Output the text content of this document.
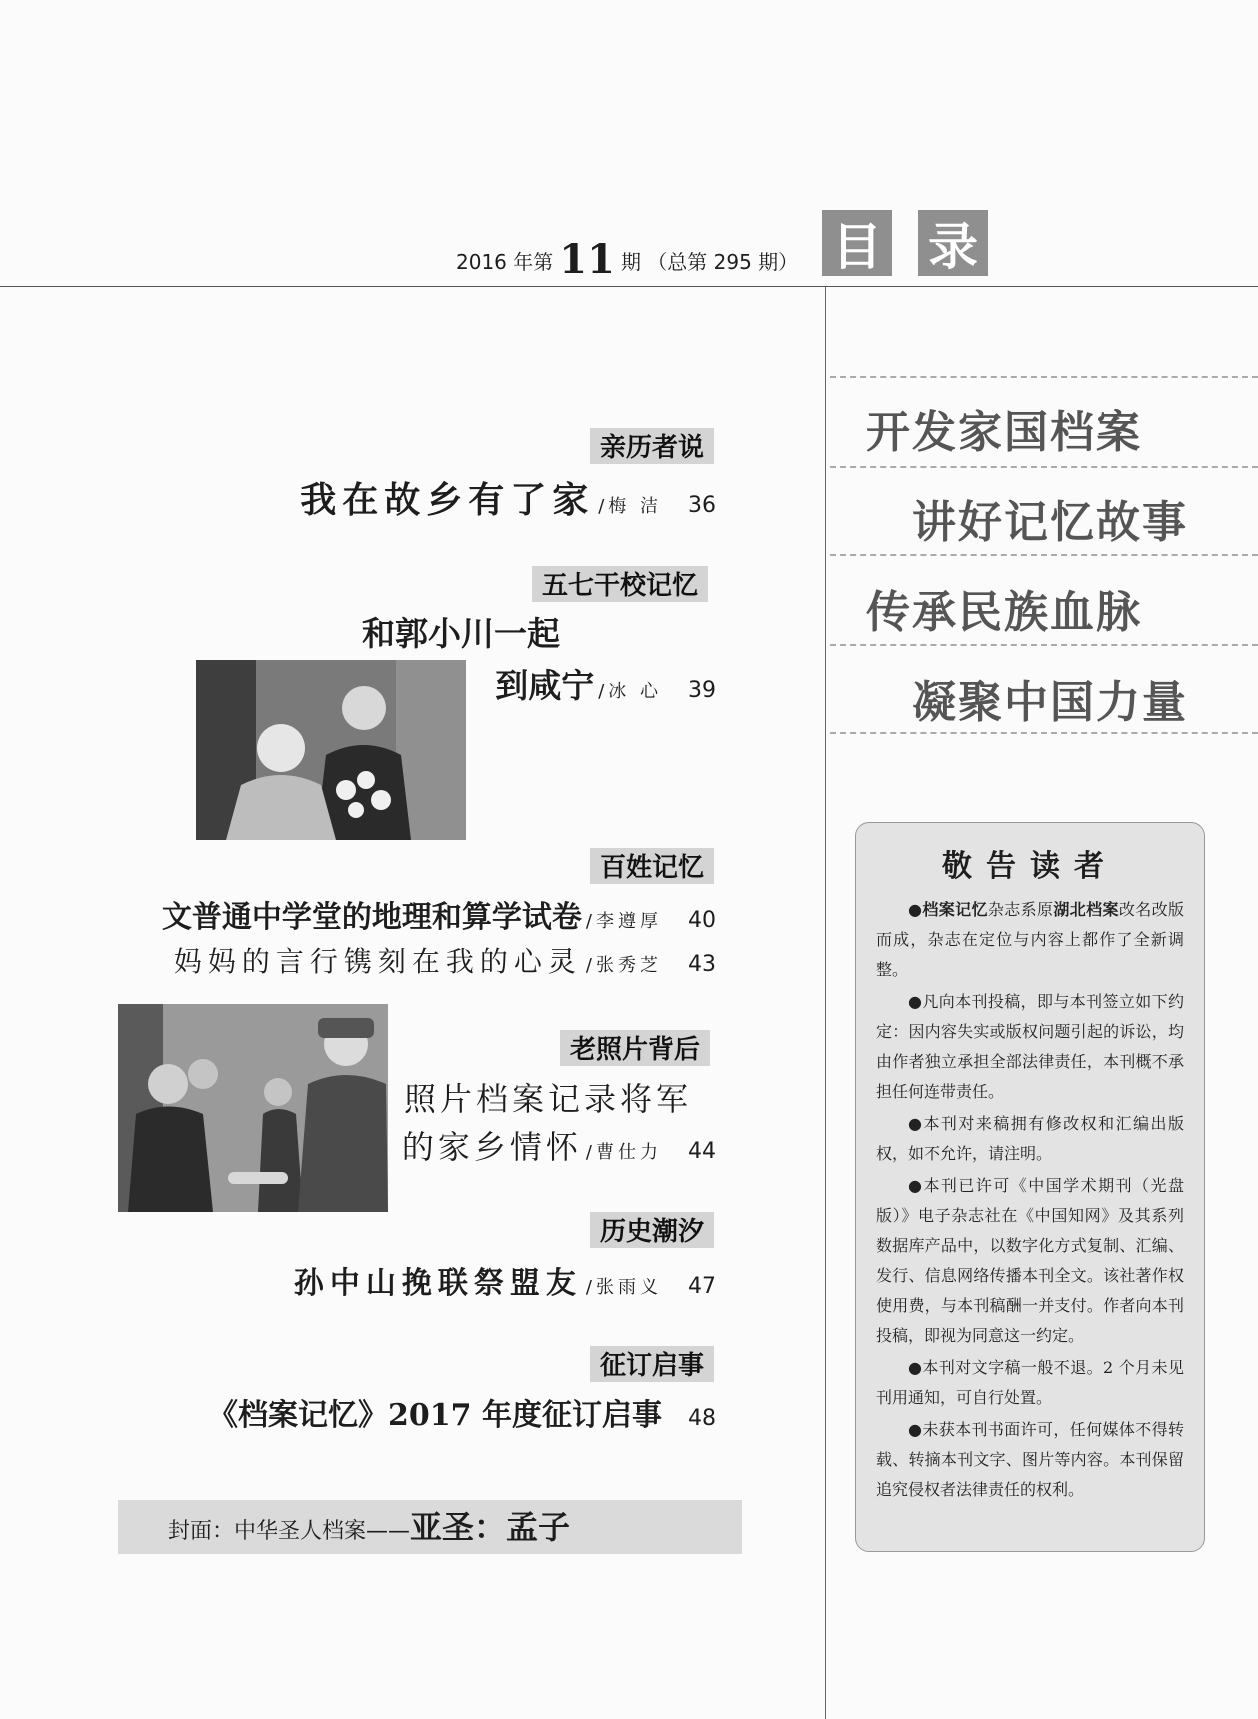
2016 年第 11 期 （总第 295 期） 目 录
亲历者说
我在故乡有了家 /梅 洁 36
五七干校记忆
和郭小川一起
到咸宁 /冰 心 39
百姓记忆
文普通中学堂的地理和算学试卷 /李遵厚 40
妈妈的言行镌刻在我的心灵 /张秀芝 43
老照片背后
照片档案记录将军
的家乡情怀 /曹仕力 44
历史潮汐
孙中山挽联祭盟友 /张雨义 47
征订启事
《档案记忆》2017 年度征订启事 48
封面：中华圣人档案——亚圣：孟子
开发家国档案
讲好记忆故事
传承民族血脉
凝聚中国力量
敬告读者

●档案记忆杂志系原湖北档案改名改版而成，杂志在定位与内容上都作了全新调整。

●凡向本刊投稿，即与本刊签立如下约定：因内容失实或版权问题引起的诉讼，均由作者独立承担全部法律责任，本刊概不承担任何连带责任。

●本刊对来稿拥有修改权和汇编出版权，如不允许，请注明。

●本刊已许可《中国学术期刊（光盘版）》电子杂志社在《中国知网》及其系列数据库产品中，以数字化方式复制、汇编、发行、信息网络传播本刊全文。该社著作权使用费，与本刊稿酬一并支付。作者向本刊投稿，即视为同意这一约定。

●本刊对文字稿一般不退。2 个月未见刊用通知，可自行处置。

●未获本刊书面许可，任何媒体不得转载、转摘本刊文字、图片等内容。本刊保留追究侵权者法律责任的权利。
